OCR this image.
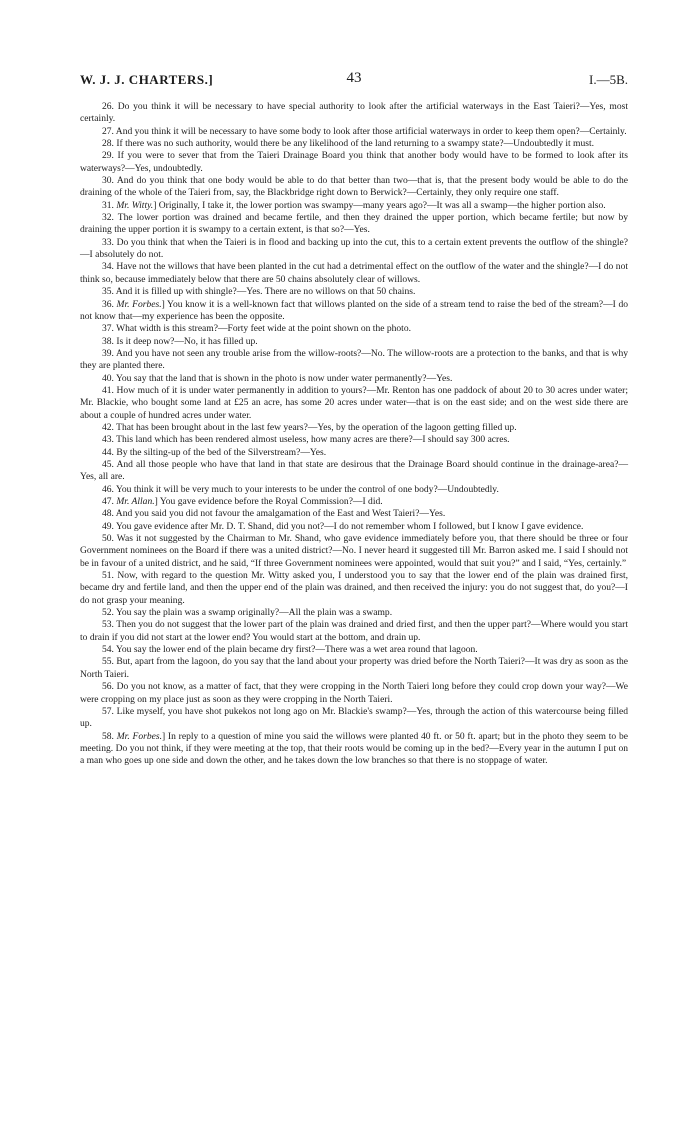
W. J. J. CHARTERS.]	43	I.—5B.

26. Do you think it will be necessary to have special authority to look after the artificial waterways in the East Taieri?—Yes, most certainly.

27. And you think it will be necessary to have some body to look after those artificial waterways in order to keep them open?—Certainly.

28. If there was no such authority, would there be any likelihood of the land returning to a swampy state?—Undoubtedly it must.

29. If you were to sever that from the Taieri Drainage Board you think that another body would have to be formed to look after its waterways?—Yes, undoubtedly.

30. And do you think that one body would be able to do that better than two—that is, that the present body would be able to do the draining of the whole of the Taieri from, say, the Blackbridge right down to Berwick?—Certainly, they only require one staff.

31. Mr. Witty.] Originally, I take it, the lower portion was swampy—many years ago?—It was all a swamp—the higher portion also.

32. The lower portion was drained and became fertile, and then they drained the upper portion, which became fertile; but now by draining the upper portion it is swampy to a certain extent, is that so?—Yes.

33. Do you think that when the Taieri is in flood and backing up into the cut, this to a certain extent prevents the outflow of the shingle?—I absolutely do not.

34. Have not the willows that have been planted in the cut had a detrimental effect on the outflow of the water and the shingle?—I do not think so, because immediately below that there are 50 chains absolutely clear of willows.

35. And it is filled up with shingle?—Yes. There are no willows on that 50 chains.

36. Mr. Forbes.] You know it is a well-known fact that willows planted on the side of a stream tend to raise the bed of the stream?—I do not know that—my experience has been the opposite.

37. What width is this stream?—Forty feet wide at the point shown on the photo.

38. Is it deep now?—No, it has filled up.

39. And you have not seen any trouble arise from the willow-roots?—No. The willow-roots are a protection to the banks, and that is why they are planted there.

40. You say that the land that is shown in the photo is now under water permanently?—Yes.

41. How much of it is under water permanently in addition to yours?—Mr. Renton has one paddock of about 20 to 30 acres under water; Mr. Blackie, who bought some land at £25 an acre, has some 20 acres under water—that is on the east side; and on the west side there are about a couple of hundred acres under water.

42. That has been brought about in the last few years?—Yes, by the operation of the lagoon getting filled up.

43. This land which has been rendered almost useless, how many acres are there?—I should say 300 acres.

44. By the silting-up of the bed of the Silverstream?—Yes.

45. And all those people who have that land in that state are desirous that the Drainage Board should continue in the drainage-area?—Yes, all are.

46. You think it will be very much to your interests to be under the control of one body?—Undoubtedly.

47. Mr. Allan.] You gave evidence before the Royal Commission?—I did.

48. And you said you did not favour the amalgamation of the East and West Taieri?—Yes.

49. You gave evidence after Mr. D. T. Shand, did you not?—I do not remember whom I followed, but I know I gave evidence.

50. Was it not suggested by the Chairman to Mr. Shand, who gave evidence immediately before you, that there should be three or four Government nominees on the Board if there was a united district?—No. I never heard it suggested till Mr. Barron asked me. I said I should not be in favour of a united district, and he said, “If three Government nominees were appointed, would that suit you?” and I said, “Yes, certainly.”

51. Now, with regard to the question Mr. Witty asked you, I understood you to say that the lower end of the plain was drained first, became dry and fertile land, and then the upper end of the plain was drained, and then received the injury: you do not suggest that, do you?—I do not grasp your meaning.

52. You say the plain was a swamp originally?—All the plain was a swamp.

53. Then you do not suggest that the lower part of the plain was drained and dried first, and then the upper part?—Where would you start to drain if you did not start at the lower end? You would start at the bottom, and drain up.

54. You say the lower end of the plain became dry first?—There was a wet area round that lagoon.

55. But, apart from the lagoon, do you say that the land about your property was dried before the North Taieri?—It was dry as soon as the North Taieri.

56. Do you not know, as a matter of fact, that they were cropping in the North Taieri long before they could crop down your way?—We were cropping on my place just as soon as they were cropping in the North Taieri.

57. Like myself, you have shot pukekos not long ago on Mr. Blackie's swamp?—Yes, through the action of this watercourse being filled up.

58. Mr. Forbes.] In reply to a question of mine you said the willows were planted 40 ft. or 50 ft. apart; but in the photo they seem to be meeting. Do you not think, if they were meeting at the top, that their roots would be coming up in the bed?—Every year in the autumn I put on a man who goes up one side and down the other, and he takes down the low branches so that there is no stoppage of water.
